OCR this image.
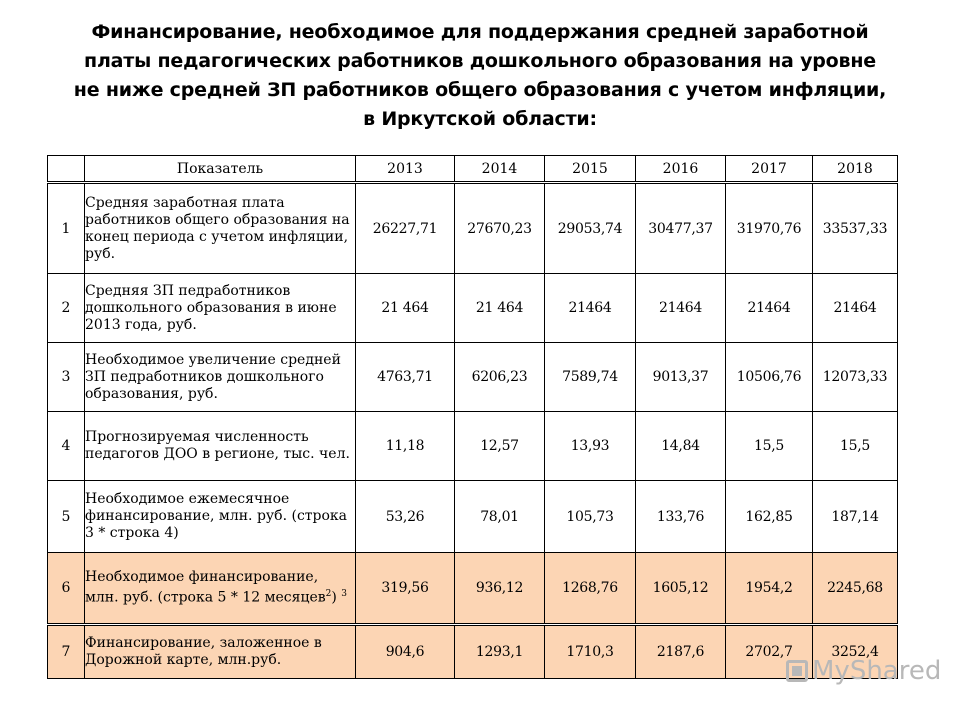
Финансирование, необходимое для поддержания средней заработной
платы педагогических работников дошкольного образования на уровне
не ниже средней ЗП работников общего образования с учетом инфляции,
в Иркутской области:
	Показатель	2013	2014	2015	2016	2017	2018
1	Средняя заработная плата работников общего образования на конец периода с учетом инфляции, руб.	26227,71	27670,23	29053,74	30477,37	31970,76	33537,33
2	Средняя ЗП педработников дошкольного образования в июне 2013 года, руб.	21 464	21 464	21464	21464	21464	21464
3	Необходимое увеличение средней ЗП педработников дошкольного образования, руб.	4763,71	6206,23	7589,74	9013,37	10506,76	12073,33
4	Прогнозируемая численность педагогов ДОО в регионе, тыс. чел.	11,18	12,57	13,93	14,84	15,5	15,5
5	Необходимое ежемесячное финансирование, млн. руб. (строка 3 * строка 4)	53,26	78,01	105,73	133,76	162,85	187,14
6	Необходимое финансирование, млн. руб. (строка 5 * 12 месяцев$^2$) $^3$	319,56	936,12	1268,76	1605,12	1954,2	2245,68
7	Финансирование, заложенное в Дорожной карте, млн.руб.	904,6	1293,1	1710,3	2187,6	2702,7	3252,4
MyShared
